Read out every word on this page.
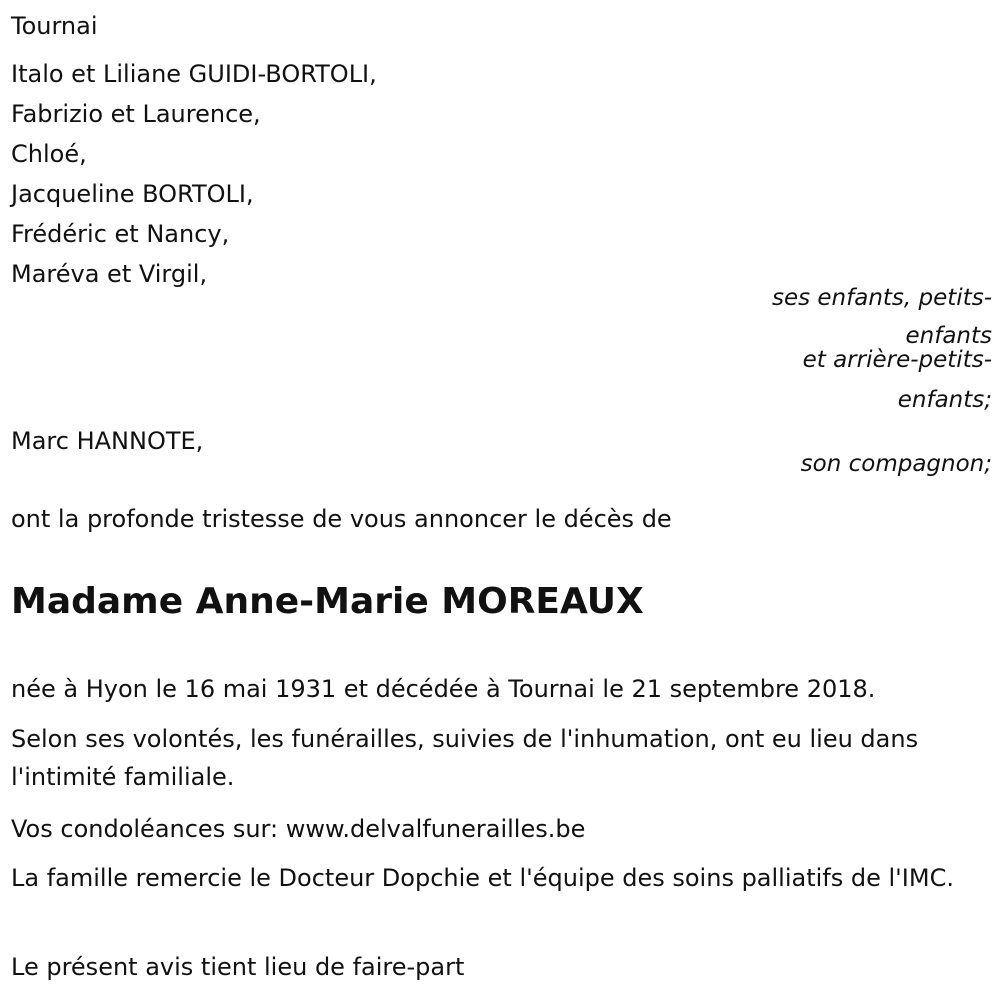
Tournai

Italo et Liliane GUIDI-BORTOLI,

Fabrizio et Laurence,

Chloé,

Jacqueline BORTOLI,

Frédéric et Nancy,

Maréva et Virgil,

ses enfants, petits-

enfants

et arrière-petits-

enfants;

Marc HANNOTE,

son compagnon;

ont la profonde tristesse de vous annoncer le décès de

Madame Anne-Marie MOREAUX

née à Hyon le 16 mai 1931 et décédée à Tournai le 21 septembre 2018.

Selon ses volontés, les funérailles, suivies de l'inhumation, ont eu lieu dans l'intimité familiale.

Vos condoléances sur: www.delvalfunerailles.be

La famille remercie le Docteur Dopchie et l'équipe des soins palliatifs de l'IMC.

Le présent avis tient lieu de faire-part
